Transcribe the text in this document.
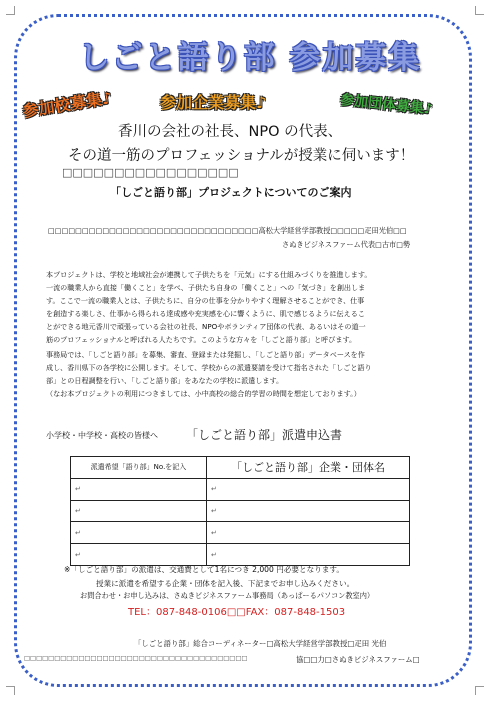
しごと語り部 参加募集
参加校募集♪	参加企業募集♪	参加団体募集♪
香川の会社の社長、NPO の代表、
その道一筋のプロフェッショナルが授業に伺います！
□□□□□□□□□□□□□□□□□
「しごと語り部」プロジェクトについてのご案内
□□□□□□□□□□□□□□□□□□□□□□□□□□□□□□□高松大学経営学部教授□□□□□疋田光伯□□
さぬきビジネスファーム代表□古市□勢
本プロジェクトは、学校と地域社会が連携して子供たちを「元気」にする仕組みづくりを推進します。
一流の職業人から直接「働くこと」を学べ、子供たち自身の「働くこと」への「気づき」を創出しま
す。ここで一流の職業人とは、子供たちに、自分の仕事を分かりやすく理解させることができ、仕事
を創造する楽しさ、仕事から得られる達成感や充実感を心に響くように、肌で感じるように伝えるこ
とができる地元香川で頑張っている会社の社長、NPOやボランティア団体の代表、あるいはその道一
筋のプロフェッショナルと呼ばれる人たちです。このような方々を「しごと語り部」と呼びます。
事務局では、「しごと語り部」を募集、審査、登録または発掘し、「しごと語り部」データベースを作
成し、香川県下の各学校に公開します。そして、学校からの派遣要請を受けて指名された「しごと語り
部」との日程調整を行い、「しごと語り部」をあなたの学校に派遣します。
（なお本プロジェクトの利用につきましては、小中高校の総合的学習の時間を想定しております。）
小学校・中学校・高校の皆様へ 「しごと語り部」派遣申込書
派遣希望「語り部」No.を記入	「しごと語り部」企業・団体名
↵	↵
↵	↵
↵	↵
↵	↵
※「しごと語り部」の派遣は、交通費として1名につき 2,000 円必要となります。
授業に派遣を希望する企業・団体を記入後、下記までお申し込みください。
お問合わせ・お申し込みは、さぬきビジネスファーム事務局（あっぱーるパソコン教室内）
TEL：087-848-0106□□FAX：087-848-1503
「しごと語り部」総合コーディネーター□高松大学経営学部教授□疋田 光伯
□□□□□□□□□□□□□□□□□□□□□□□□□□□□□□□□□□□□□	協□□力□さぬきビジネスファーム□
